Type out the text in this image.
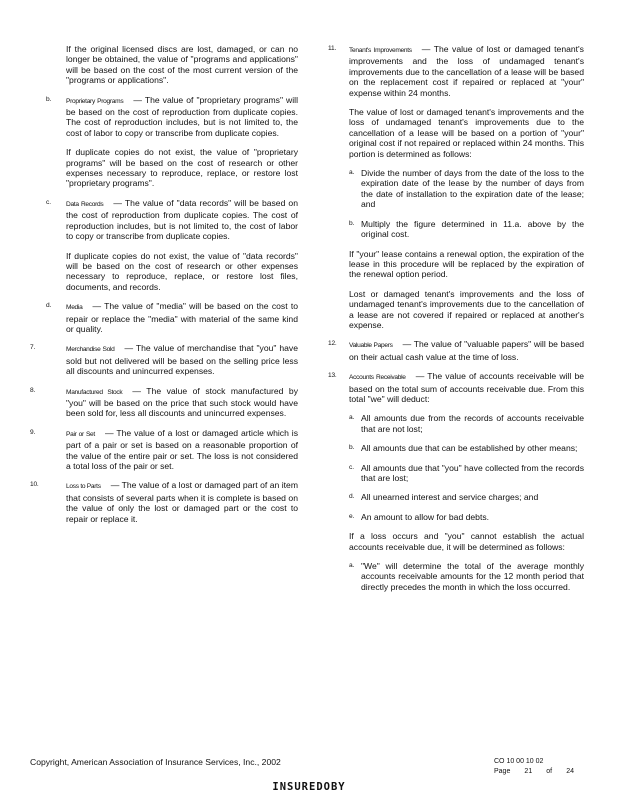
If the original licensed discs are lost, damaged, or can no longer be obtained, the value of "programs and applications" will be based on the cost of the most current version of the "programs or applications".

b.	Proprietary Programs — The value of "proprietary programs" will be based on the cost of reproduction from duplicate copies. The cost of reproduction includes, but is not limited to, the cost of labor to copy or transcribe from duplicate copies.

If duplicate copies do not exist, the value of "proprietary programs" will be based on the cost of research or other expenses necessary to reproduce, replace, or restore lost "proprietary programs".

c.	Data Records — The value of "data records" will be based on the cost of reproduction from duplicate copies. The cost of reproduction includes, but is not limited to, the cost of labor to copy or transcribe from duplicate copies.

If duplicate copies do not exist, the value of "data records" will be based on the cost of research or other expenses necessary to reproduce, replace, or restore lost files, documents, and records.

d.	Media — The value of "media" will be based on the cost to repair or replace the "media" with material of the same kind or quality.
7.	Merchandise Sold — The value of merchandise that "you" have sold but not delivered will be based on the selling price less all discounts and unincurred expenses.
8.	Manufactured Stock — The value of stock manufactured by "you" will be based on the price that such stock would have been sold for, less all discounts and unincurred expenses.
9.	Pair or Set — The value of a lost or damaged article which is part of a pair or set is based on a reasonable proportion of the value of the entire pair or set. The loss is not considered a total loss of the pair or set.
10.	Loss to Parts — The value of a lost or damaged part of an item that consists of several parts when it is complete is based on the value of only the lost or damaged part or the cost to repair or replace it.
11.	Tenant's Improvements — The value of lost or damaged tenant's improvements and the loss of undamaged tenant's improvements due to the cancellation of a lease will be based on the replacement cost if repaired or replaced at "your" expense within 24 months.

The value of lost or damaged tenant's improvements and the loss of undamaged tenant's improvements due to the cancellation of a lease will be based on a portion of "your" original cost if not repaired or replaced within 24 months. This portion is determined as follows:

a. Divide the number of days from the date of the loss to the expiration date of the lease by the number of days from the date of installation to the expiration date of the lease; and
b. Multiply the figure determined in 11.a. above by the original cost.

If "your" lease contains a renewal option, the expiration of the lease in this procedure will be replaced by the expiration of the renewal option period.

Lost or damaged tenant's improvements and the loss of undamaged tenant's improvements due to the cancellation of a lease are not covered if repaired or replaced at another's expense.

12.	Valuable Papers — The value of "valuable papers" will be based on their actual cash value at the time of loss.
13.	Accounts Receivable — The value of accounts receivable will be based on the total sum of accounts receivable due. From this total "we" will deduct:
a. All amounts due from the records of accounts receivable that are not lost;
b. All amounts due that can be established by other means;
c. All amounts due that "you" have collected from the records that are lost;
d. All unearned interest and service charges; and
e. An amount to allow for bad debts.

If a loss occurs and "you" cannot establish the actual accounts receivable due, it will be determined as follows:

a. "We" will determine the total of the average monthly accounts receivable amounts for the 12 month period that directly precedes the month in which the loss occurred.
Copyright, American Association of Insurance Services, Inc., 2002	CO 10 00 10 02
Page 21 of 24
INSUREDOBY
